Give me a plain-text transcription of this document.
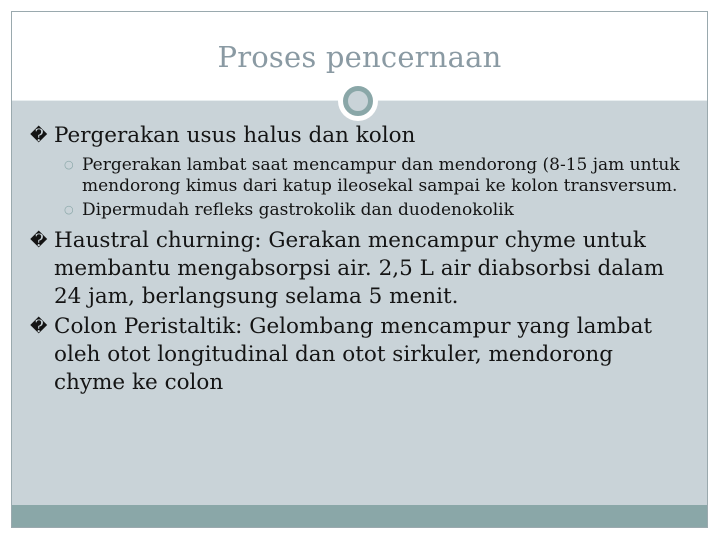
Proses pencernaan

� Pergerakan usus halus dan kolon

○ Pergerakan lambat saat mencampur dan mendorong (8-15 jam untuk mendorong kimus dari katup ileosekal sampai ke kolon transversum.

○ Dipermudah refleks gastrokolik dan duodenokolik

� Haustral churning: Gerakan mencampur chyme untuk membantu mengabsorpsi air. 2,5 L air diabsorbsi dalam 24 jam, berlangsung selama 5 menit.

� Colon Peristaltik: Gelombang mencampur yang lambat oleh otot longitudinal dan otot sirkuler, mendorong chyme ke colon
